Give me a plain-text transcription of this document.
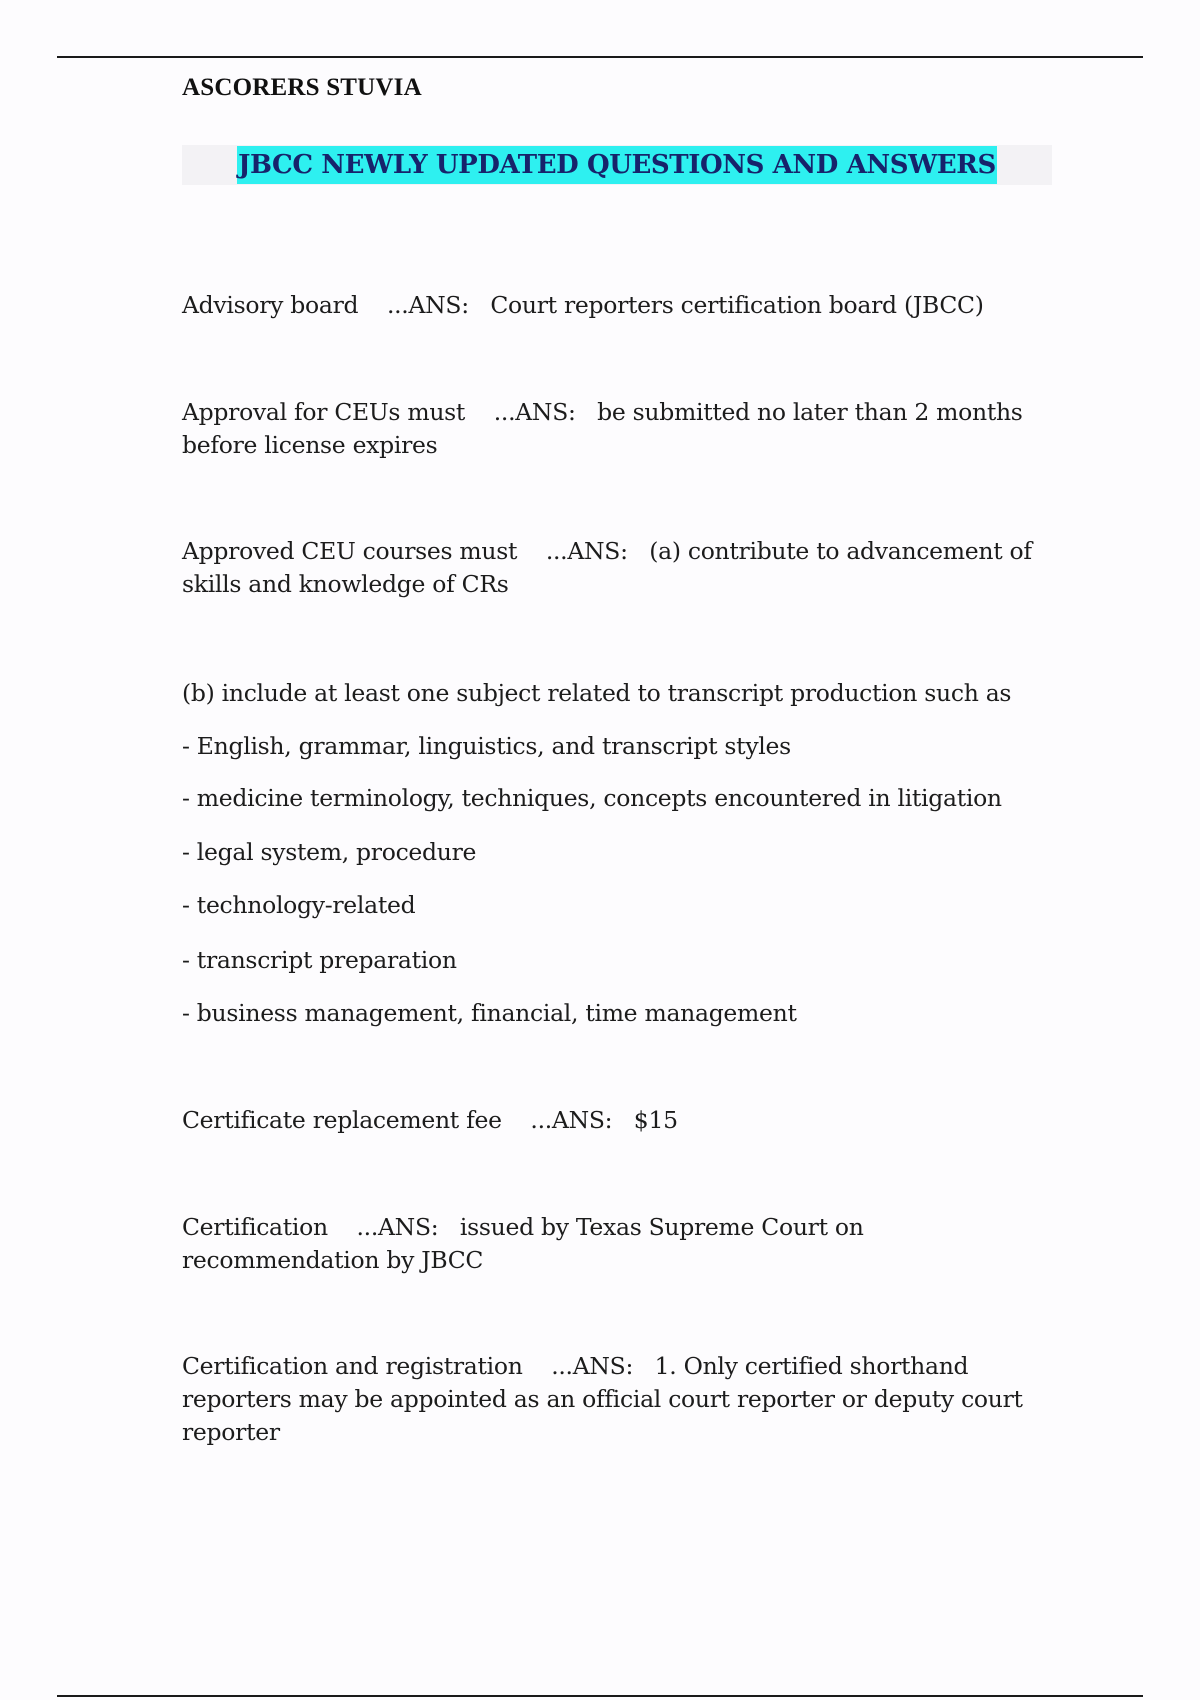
ASCORERS STUVIA
JBCC NEWLY UPDATED QUESTIONS AND ANSWERS
Advisory board ...ANS: Court reporters certification board (JBCC)
Approval for CEUs must ...ANS: be submitted no later than 2 months before license expires
Approved CEU courses must ...ANS: (a) contribute to advancement of skills and knowledge of CRs
(b) include at least one subject related to transcript production such as
- English, grammar, linguistics, and transcript styles
- medicine terminology, techniques, concepts encountered in litigation
- legal system, procedure
- technology-related
- transcript preparation
- business management, financial, time management
Certificate replacement fee ...ANS: $15
Certification ...ANS: issued by Texas Supreme Court on recommendation by JBCC
Certification and registration ...ANS: 1. Only certified shorthand reporters may be appointed as an official court reporter or deputy court reporter
